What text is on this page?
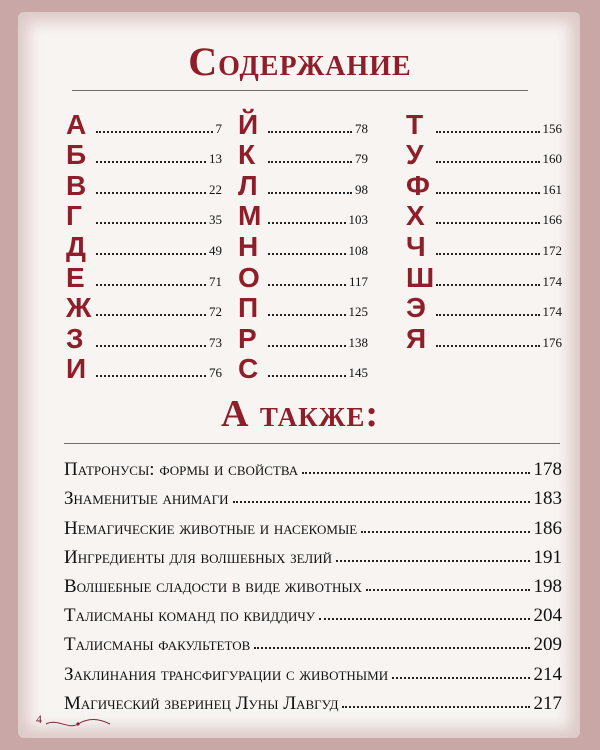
Содержание
А	7
Б	13
В	22
Г	35
Д	49
Е	71
Ж	72
З	73
И	76
Й	78
К	79
Л	98
М	103
Н	108
О	117
П	125
Р	138
С	145
Т	156
У	160
Ф	161
Х	166
Ч	172
Ш	174
Э	174
Я	176
А также:
Патронусы: формы и свойства	178
Знаменитые анимаги	183
Немагические животные и насекомые	186
Ингредиенты для волшебных зелий	191
Волшебные сладости в виде животных	198
Талисманы команд по квиддичу	204
Талисманы факультетов	209
Заклинания трансфигурации с животными	214
Магический зверинец Луны Лавгуд	217
4
